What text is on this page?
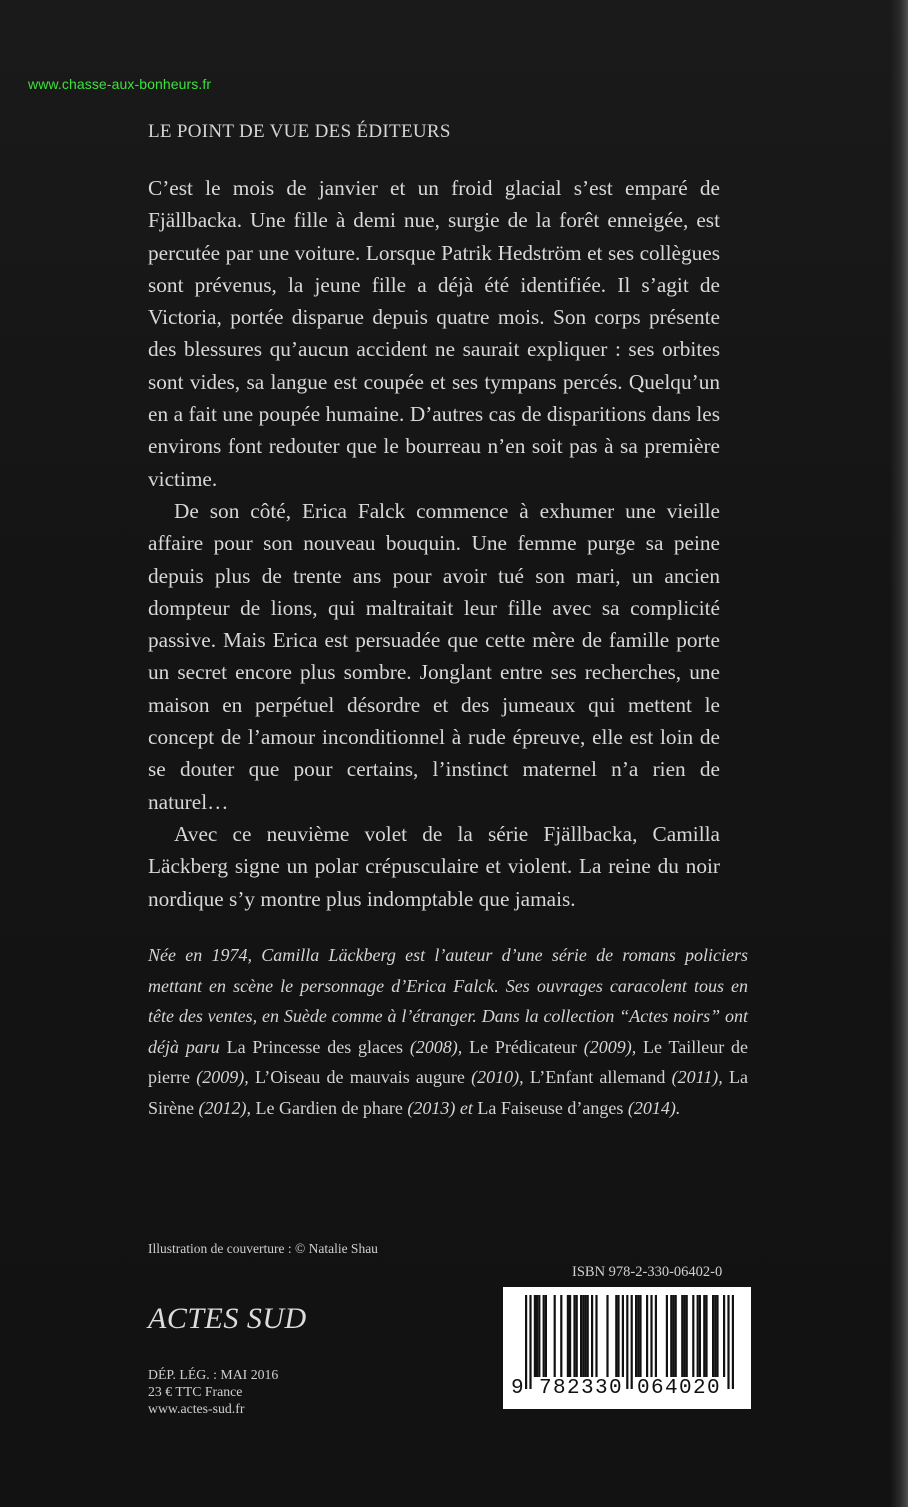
www.chasse-aux-bonheurs.fr
LE POINT DE VUE DES ÉDITEURS

C’est le mois de janvier et un froid glacial s’est emparé de Fjällbacka. Une fille à demi nue, surgie de la forêt enneigée, est percutée par une voiture. Lorsque Patrik Hedström et ses collègues sont prévenus, la jeune fille a déjà été identifiée. Il s’agit de Victoria, portée disparue depuis quatre mois. Son corps présente des blessures qu’aucun accident ne saurait expliquer : ses orbites sont vides, sa langue est coupée et ses tympans percés. Quelqu’un en a fait une poupée humaine. D’autres cas de disparitions dans les environs font redouter que le bourreau n’en soit pas à sa première victime.

De son côté, Erica Falck commence à exhumer une vieille affaire pour son nouveau bouquin. Une femme purge sa peine depuis plus de trente ans pour avoir tué son mari, un ancien dompteur de lions, qui maltraitait leur fille avec sa complicité passive. Mais Erica est persuadée que cette mère de famille porte un secret encore plus sombre. Jonglant entre ses recherches, une maison en perpétuel désordre et des jumeaux qui mettent le concept de l’amour inconditionnel à rude épreuve, elle est loin de se douter que pour certains, l’instinct maternel n’a rien de naturel…

Avec ce neuvième volet de la série Fjällbacka, Camilla Läckberg signe un polar crépusculaire et violent. La reine du noir nordique s’y montre plus indomptable que jamais.

Née en 1974, Camilla Läckberg est l’auteur d’une série de romans policiers mettant en scène le personnage d’Erica Falck. Ses ouvrages caracolent tous en tête des ventes, en Suède comme à l’étranger. Dans la collection “Actes noirs” ont déjà paru La Princesse des glaces (2008), Le Prédicateur (2009), Le Tailleur de pierre (2009), L’Oiseau de mauvais augure (2010), L’Enfant allemand (2011), La Sirène (2012), Le Gardien de phare (2013) et La Faiseuse d’anges (2014).
Illustration de couverture : © Natalie Shau
ISBN 978-2-330-06402-0
ACTES SUD
DÉP. LÉG. : MAI 2016
23 € TTC France
www.actes-sud.fr
9 782330 064020
